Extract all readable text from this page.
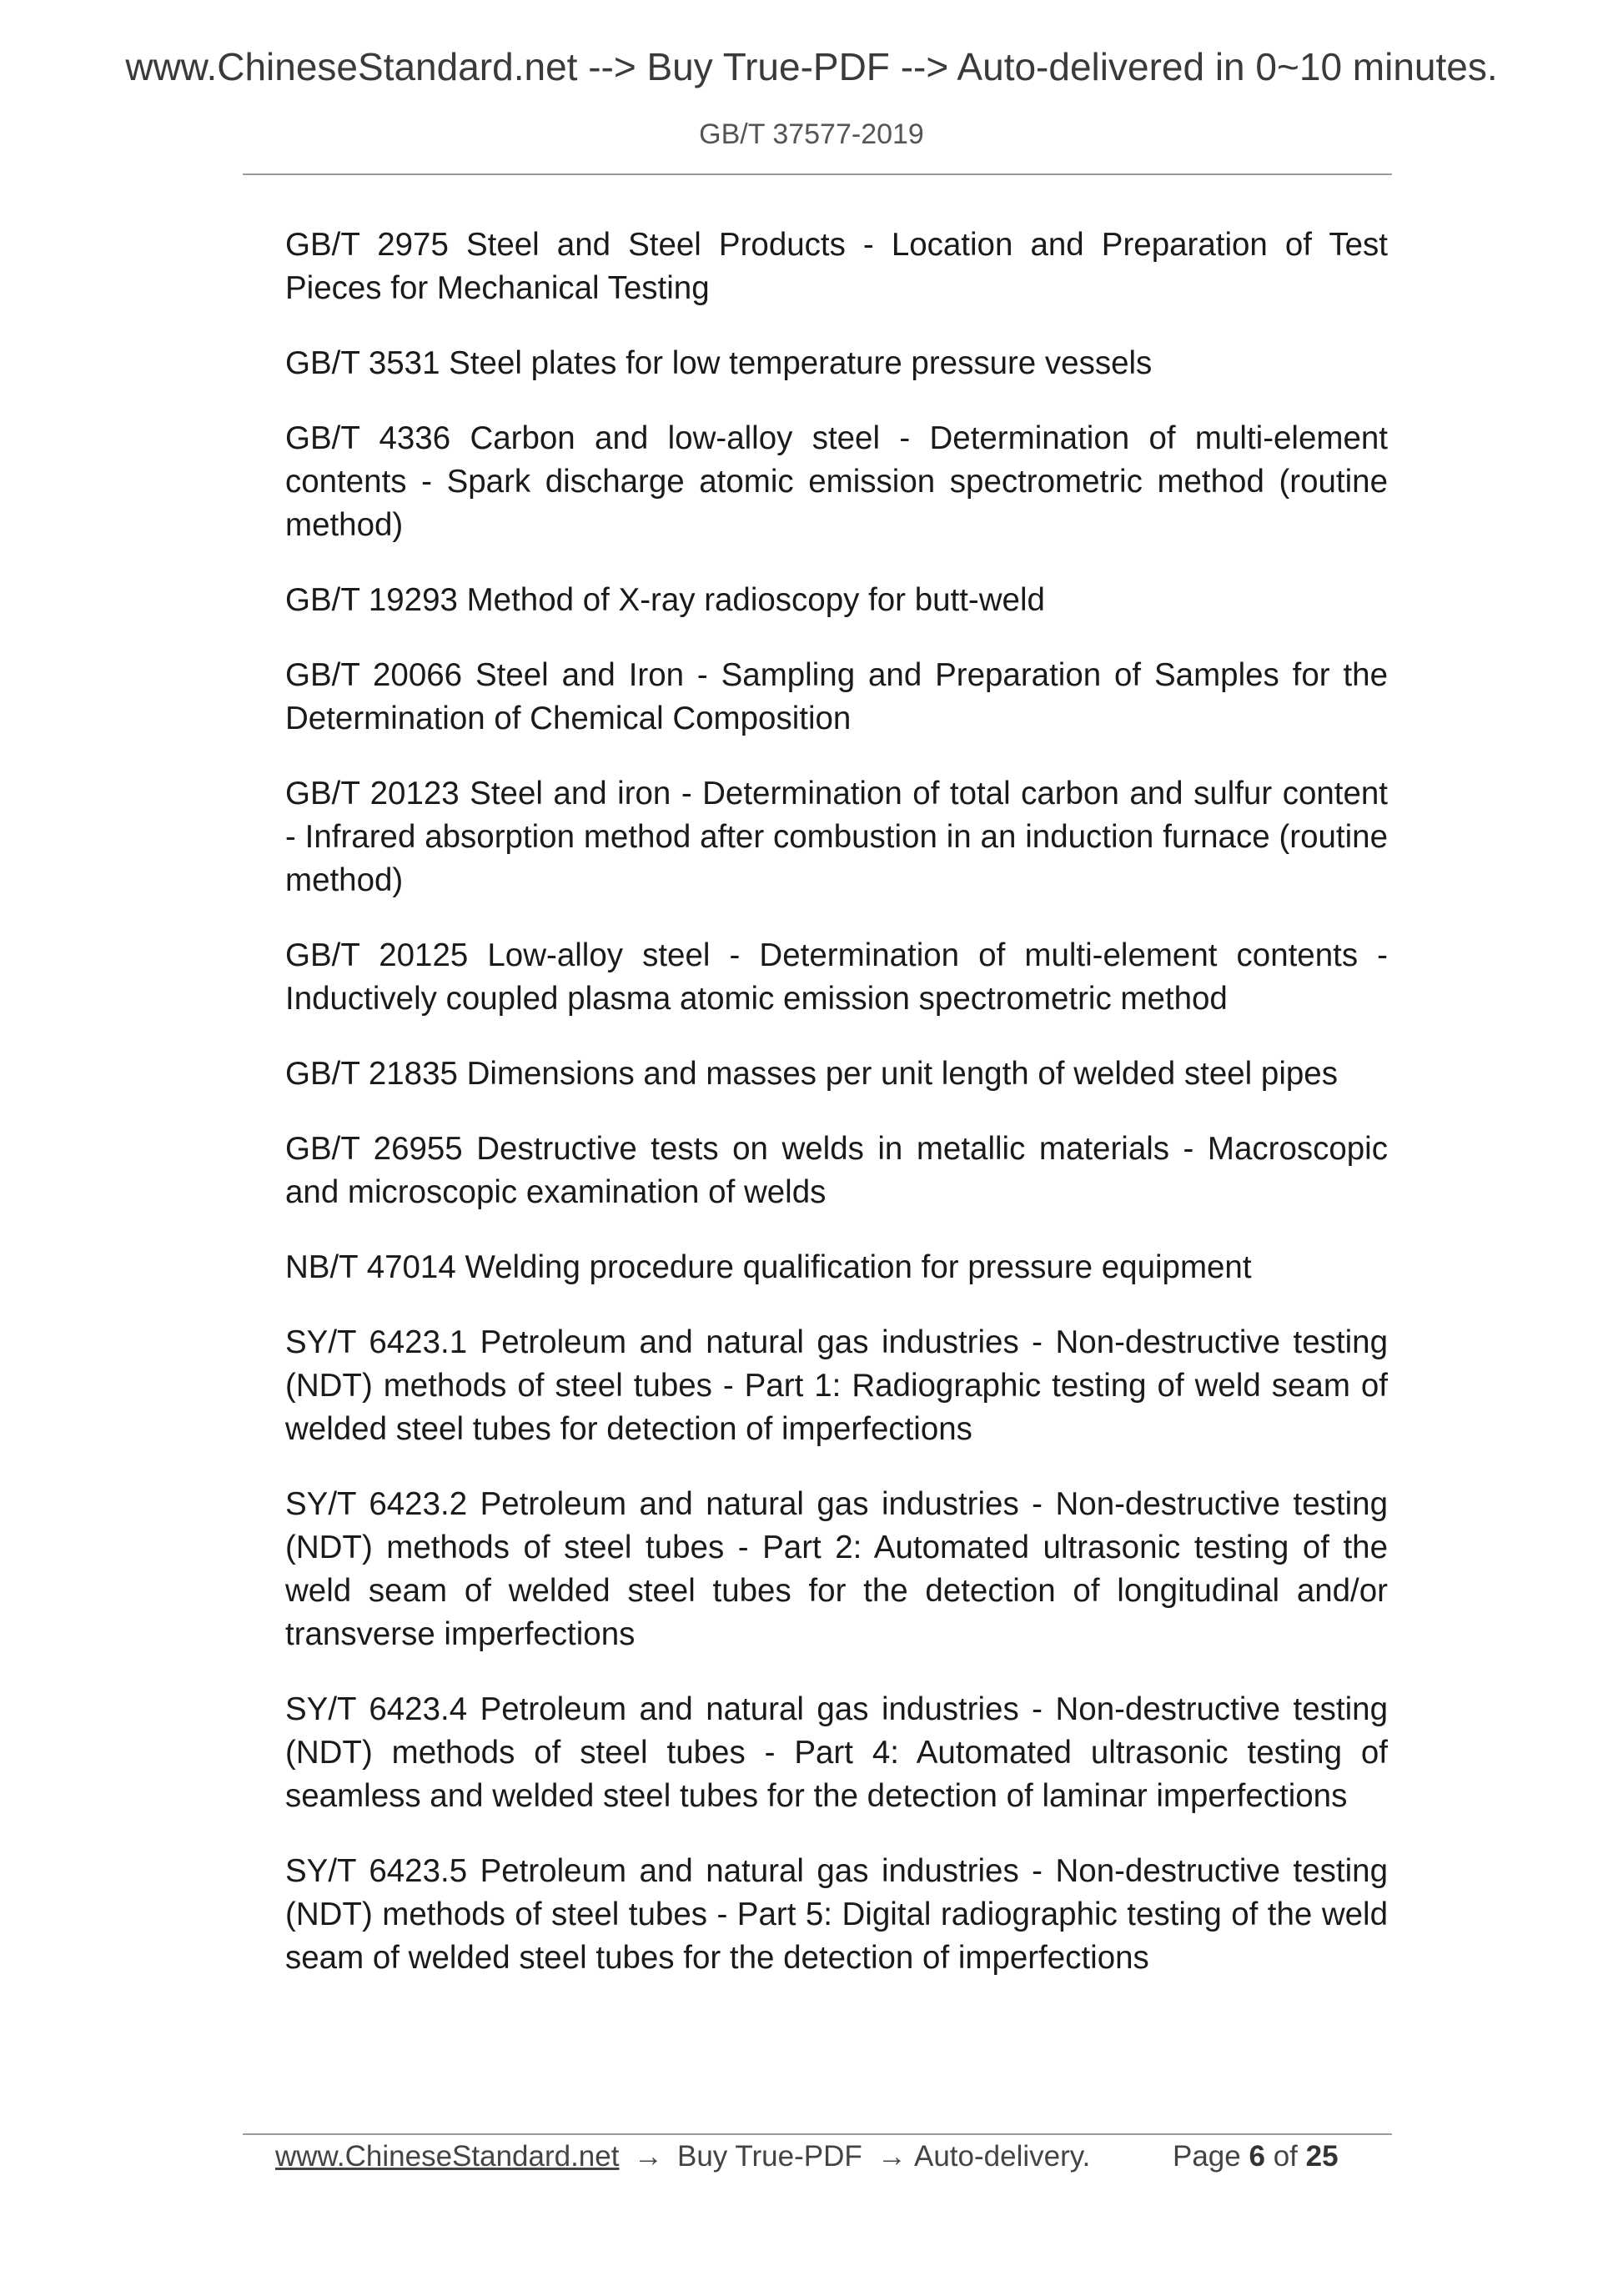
www.ChineseStandard.net --> Buy True-PDF --> Auto-delivered in 0~10 minutes.
GB/T 37577-2019
GB/T 2975 Steel and Steel Products - Location and Preparation of Test Pieces for Mechanical Testing
GB/T 3531 Steel plates for low temperature pressure vessels
GB/T 4336 Carbon and low-alloy steel - Determination of multi-element contents - Spark discharge atomic emission spectrometric method (routine method)
GB/T 19293 Method of X-ray radioscopy for butt-weld
GB/T 20066 Steel and Iron - Sampling and Preparation of Samples for the Determination of Chemical Composition
GB/T 20123 Steel and iron - Determination of total carbon and sulfur content - Infrared absorption method after combustion in an induction furnace (routine method)
GB/T 20125 Low-alloy steel - Determination of multi-element contents - Inductively coupled plasma atomic emission spectrometric method
GB/T 21835 Dimensions and masses per unit length of welded steel pipes
GB/T 26955 Destructive tests on welds in metallic materials - Macroscopic and microscopic examination of welds
NB/T 47014 Welding procedure qualification for pressure equipment
SY/T 6423.1 Petroleum and natural gas industries - Non-destructive testing (NDT) methods of steel tubes - Part 1: Radiographic testing of weld seam of welded steel tubes for detection of imperfections
SY/T 6423.2 Petroleum and natural gas industries - Non-destructive testing (NDT) methods of steel tubes - Part 2: Automated ultrasonic testing of the weld seam of welded steel tubes for the detection of longitudinal and/or transverse imperfections
SY/T 6423.4 Petroleum and natural gas industries - Non-destructive testing (NDT) methods of steel tubes - Part 4: Automated ultrasonic testing of seamless and welded steel tubes for the detection of laminar imperfections
SY/T 6423.5 Petroleum and natural gas industries - Non-destructive testing (NDT) methods of steel tubes - Part 5: Digital radiographic testing of the weld seam of welded steel tubes for the detection of imperfections
www.ChineseStandard.net → Buy True-PDF → Auto-delivery.	Page 6 of 25
